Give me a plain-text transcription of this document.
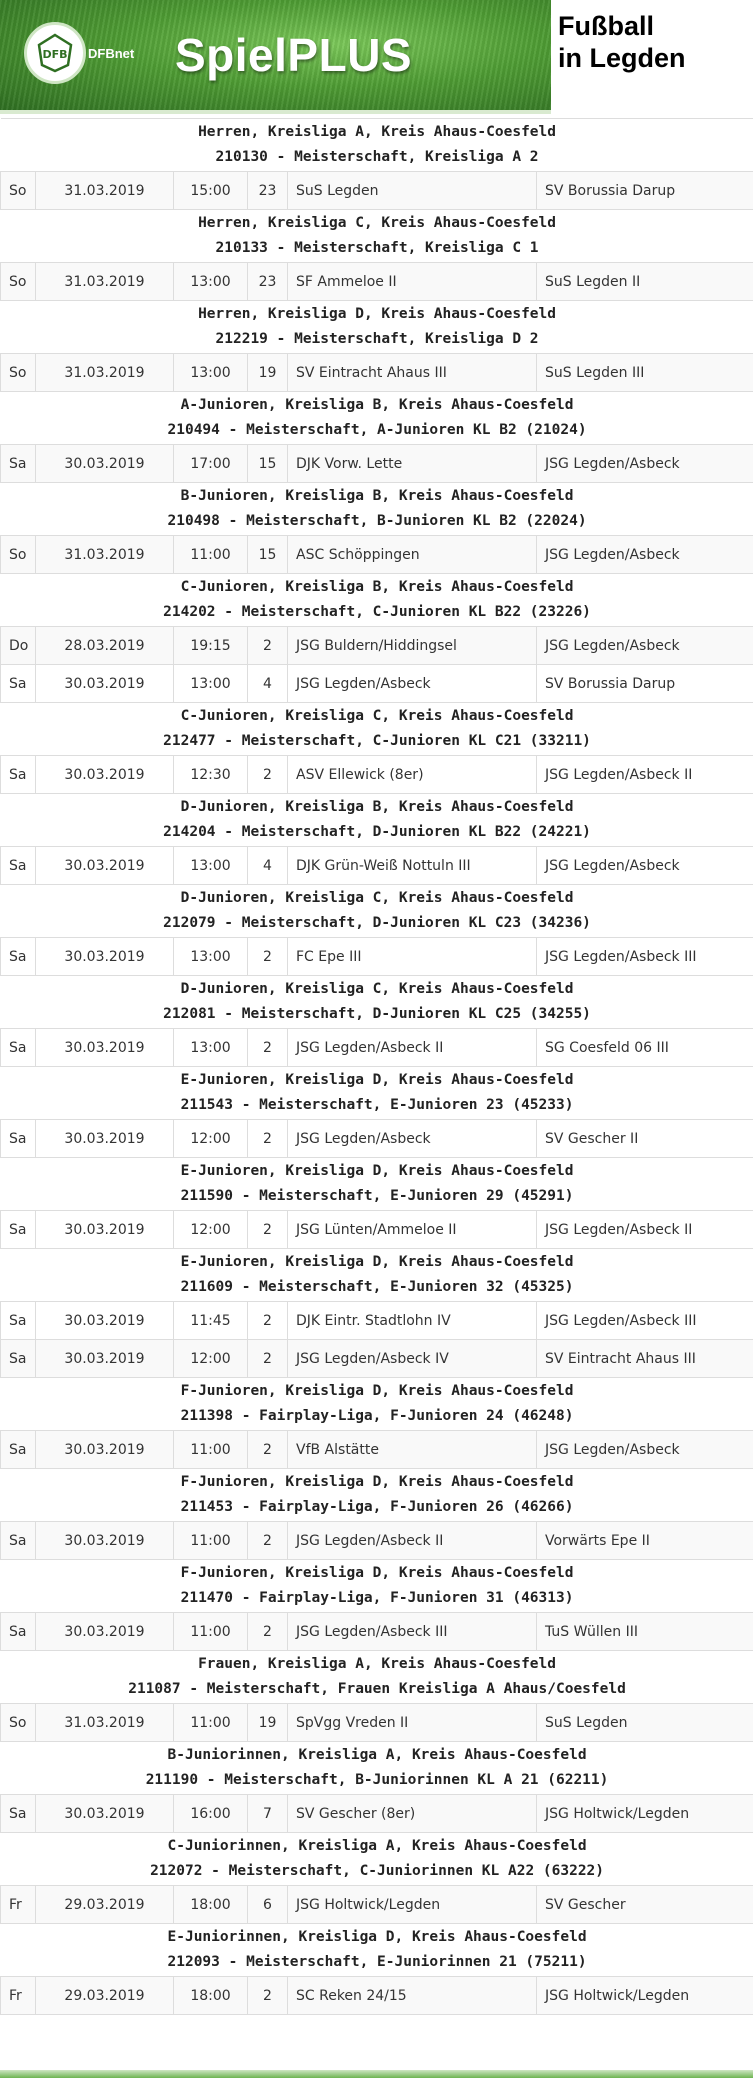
DFB DFBnet SpielPLUS
Fußball
in Legden
Herren, Kreisliga A, Kreis Ahaus-Coesfeld
210130 - Meisterschaft, Kreisliga A 2					

So	31.03.2019	15:00	23	SuS Legden	SV Borussia Darup

Herren, Kreisliga C, Kreis Ahaus-Coesfeld
210133 - Meisterschaft, Kreisliga C 1					

So	31.03.2019	13:00	23	SF Ammeloe II	SuS Legden II

Herren, Kreisliga D, Kreis Ahaus-Coesfeld
212219 - Meisterschaft, Kreisliga D 2					

So	31.03.2019	13:00	19	SV Eintracht Ahaus III	SuS Legden III

A-Junioren, Kreisliga B, Kreis Ahaus-Coesfeld
210494 - Meisterschaft, A-Junioren KL B2 (21024)					

Sa	30.03.2019	17:00	15	DJK Vorw. Lette	JSG Legden/Asbeck

B-Junioren, Kreisliga B, Kreis Ahaus-Coesfeld
210498 - Meisterschaft, B-Junioren KL B2 (22024)					

So	31.03.2019	11:00	15	ASC Schöppingen	JSG Legden/Asbeck

C-Junioren, Kreisliga B, Kreis Ahaus-Coesfeld
214202 - Meisterschaft, C-Junioren KL B22 (23226)					

Do	28.03.2019	19:15	2	JSG Buldern/Hiddingsel	JSG Legden/Asbeck
Sa	30.03.2019	13:00	4	JSG Legden/Asbeck	SV Borussia Darup

C-Junioren, Kreisliga C, Kreis Ahaus-Coesfeld
212477 - Meisterschaft, C-Junioren KL C21 (33211)					

Sa	30.03.2019	12:30	2	ASV Ellewick (8er)	JSG Legden/Asbeck II

D-Junioren, Kreisliga B, Kreis Ahaus-Coesfeld
214204 - Meisterschaft, D-Junioren KL B22 (24221)					

Sa	30.03.2019	13:00	4	DJK Grün-Weiß Nottuln III	JSG Legden/Asbeck

D-Junioren, Kreisliga C, Kreis Ahaus-Coesfeld
212079 - Meisterschaft, D-Junioren KL C23 (34236)					

Sa	30.03.2019	13:00	2	FC Epe III	JSG Legden/Asbeck III

D-Junioren, Kreisliga C, Kreis Ahaus-Coesfeld
212081 - Meisterschaft, D-Junioren KL C25 (34255)					

Sa	30.03.2019	13:00	2	JSG Legden/Asbeck II	SG Coesfeld 06 III

E-Junioren, Kreisliga D, Kreis Ahaus-Coesfeld
211543 - Meisterschaft, E-Junioren 23 (45233)					

Sa	30.03.2019	12:00	2	JSG Legden/Asbeck	SV Gescher II

E-Junioren, Kreisliga D, Kreis Ahaus-Coesfeld
211590 - Meisterschaft, E-Junioren 29 (45291)					

Sa	30.03.2019	12:00	2	JSG Lünten/Ammeloe II	JSG Legden/Asbeck II

E-Junioren, Kreisliga D, Kreis Ahaus-Coesfeld
211609 - Meisterschaft, E-Junioren 32 (45325)					

Sa	30.03.2019	11:45	2	DJK Eintr. Stadtlohn IV	JSG Legden/Asbeck III
Sa	30.03.2019	12:00	2	JSG Legden/Asbeck IV	SV Eintracht Ahaus III

F-Junioren, Kreisliga D, Kreis Ahaus-Coesfeld
211398 - Fairplay-Liga, F-Junioren 24 (46248)					

Sa	30.03.2019	11:00	2	VfB Alstätte	JSG Legden/Asbeck

F-Junioren, Kreisliga D, Kreis Ahaus-Coesfeld
211453 - Fairplay-Liga, F-Junioren 26 (46266)					

Sa	30.03.2019	11:00	2	JSG Legden/Asbeck II	Vorwärts Epe II

F-Junioren, Kreisliga D, Kreis Ahaus-Coesfeld
211470 - Fairplay-Liga, F-Junioren 31 (46313)					

Sa	30.03.2019	11:00	2	JSG Legden/Asbeck III	TuS Wüllen III

Frauen, Kreisliga A, Kreis Ahaus-Coesfeld
211087 - Meisterschaft, Frauen Kreisliga A Ahaus/Coesfeld					

So	31.03.2019	11:00	19	SpVgg Vreden II	SuS Legden

B-Juniorinnen, Kreisliga A, Kreis Ahaus-Coesfeld
211190 - Meisterschaft, B-Juniorinnen KL A 21 (62211)					

Sa	30.03.2019	16:00	7	SV Gescher (8er)	JSG Holtwick/Legden

C-Juniorinnen, Kreisliga A, Kreis Ahaus-Coesfeld
212072 - Meisterschaft, C-Juniorinnen KL A22 (63222)					

Fr	29.03.2019	18:00	6	JSG Holtwick/Legden	SV Gescher

E-Juniorinnen, Kreisliga D, Kreis Ahaus-Coesfeld
212093 - Meisterschaft, E-Juniorinnen 21 (75211)					

Fr	29.03.2019	18:00	2	SC Reken 24/15	JSG Holtwick/Legden
